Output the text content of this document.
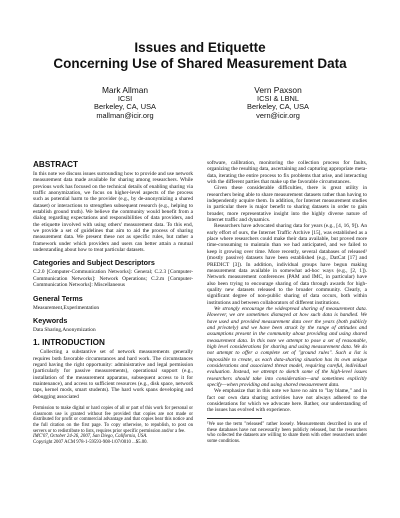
Issues and Etiquette
Concerning Use of Shared Measurement Data
Mark Allman
ICSI
Berkeley, CA, USA
mallman@icir.org
Vern Paxson
ICSI & LBNL
Berkeley, CA, USA
vern@icir.org
ABSTRACT

In this note we discuss issues surrounding how to provide and use network measurement data made available for sharing among researchers. While previous work has focused on the technical details of enabling sharing via traffic anonymization, we focus on higher-level aspects of the process such as potential harm to the provider (e.g., by de-anonymizing a shared dataset) or interactions to strengthen subsequent research (e.g., helping to establish ground truth). We believe the community would benefit from a dialog regarding expectations and responsibilities of data providers, and the etiquette involved with using others' measurement data. To this end, we provide a set of guidelines that aim to aid the process of sharing measurement data. We present these not as specific rules, but rather a framework under which providers and users can better attain a mutual understanding about how to treat particular datasets.

Categories and Subject Descriptors

C.2.0 [Computer-Communication Networks]: General; C.2.3 [Computer-Communication Networks]: Network Operations; C.2.m [Computer-Communication Networks]: Miscellaneous

General Terms

Measurement,Experimentation

Keywords

Data Sharing,Anonymization

1. INTRODUCTION

Collecting a substantive set of network measurements generally requires both favorable circumstances and hard work. The circumstances regard having the right opportunity: administrative and legal permission (particularly for passive measurements), operational support (e.g., installation of the measurement apparatus, subsequent access to it for maintenance), and access to sufficient resources (e.g., disk space, network taps, kernel mods, smart students). The hard work spans developing and debugging associated

Permission to make digital or hard copies of all or part of this work for personal or classroom use is granted without fee provided that copies are not made or distributed for profit or commercial advantage and that copies bear this notice and the full citation on the first page. To copy otherwise, to republish, to post on servers or to redistribute to lists, requires prior specific permission and/or a fee.

IMC'07, October 24-26, 2007, San Diego, California, USA.

Copyright 2007 ACM 978-1-59593-908-1/07/0010 ...$5.00.

software, calibration, monitoring the collection process for faults, organizing the resulting data, ascertaining and capturing appropriate meta-data, iterating the entire process to fix problems that arise, and interacting with the different parties that make up the favorable circumstances.

Given these considerable difficulties, there is great utility in researchers being able to share measurement datasets rather than having to independently acquire them. In addition, for Internet measurement studies in particular there is major benefit to sharing datasets in order to gain broader, more representative insight into the highly diverse nature of Internet traffic and dynamics.

Researchers have advocated sharing data for years (e.g., [4, 16, 9]). An early effort of ours, the Internet Traffic Archive [15], was established as a place where researchers could make their data available, but proved more time-consuming to maintain than we had anticipated, and we failed to keep it growing over time. More recently, several databases of released¹ (mostly passive) datasets have been established (e.g., DatCat [17] and PREDICT [3]). In addition, individual groups have begun making measurement data available in somewhat ad-hoc ways (e.g., [2, 1]). Network measurement conferences (PAM and IMC, in particular) have also been trying to encourage sharing of data through awards for high-quality new datasets released to the broader community. Clearly, a significant degree of non-public sharing of data occurs, both within institutions and between collaborators of different institutions.

We strongly encourage the widespread sharing of measurement data. However, we are sometimes dismayed at how such data is handled. We have used and provided measurement data over the years (both publicly and privately) and we have been struck by the range of attitudes and assumptions present in the community about providing and using shared measurement data. In this note we attempt to pose a set of reasonable, high level considerations for sharing and using measurement data. We do not attempt to offer a complete set of "ground rules". Such a list is impossible to create, as each data-sharing situation has its own unique considerations and associated threat model, requiring careful, individual evaluation. Instead, we attempt to sketch some of the high-level issues researchers should take into consideration—and sometimes explicitly specify—when providing and using shared measurement data.

We emphasize that in this note we have no aim to "lay blame," and in fact our own data sharing activities have not always adhered to the considerations for which we advocate here. Rather, our understanding of the issues has evolved with experience.

¹We use the term "released" rather loosely. Measurements described in one of these databases have not necessarily been publicly released, but the researchers who collected the datasets are willing to share them with other researchers under some conditions.
